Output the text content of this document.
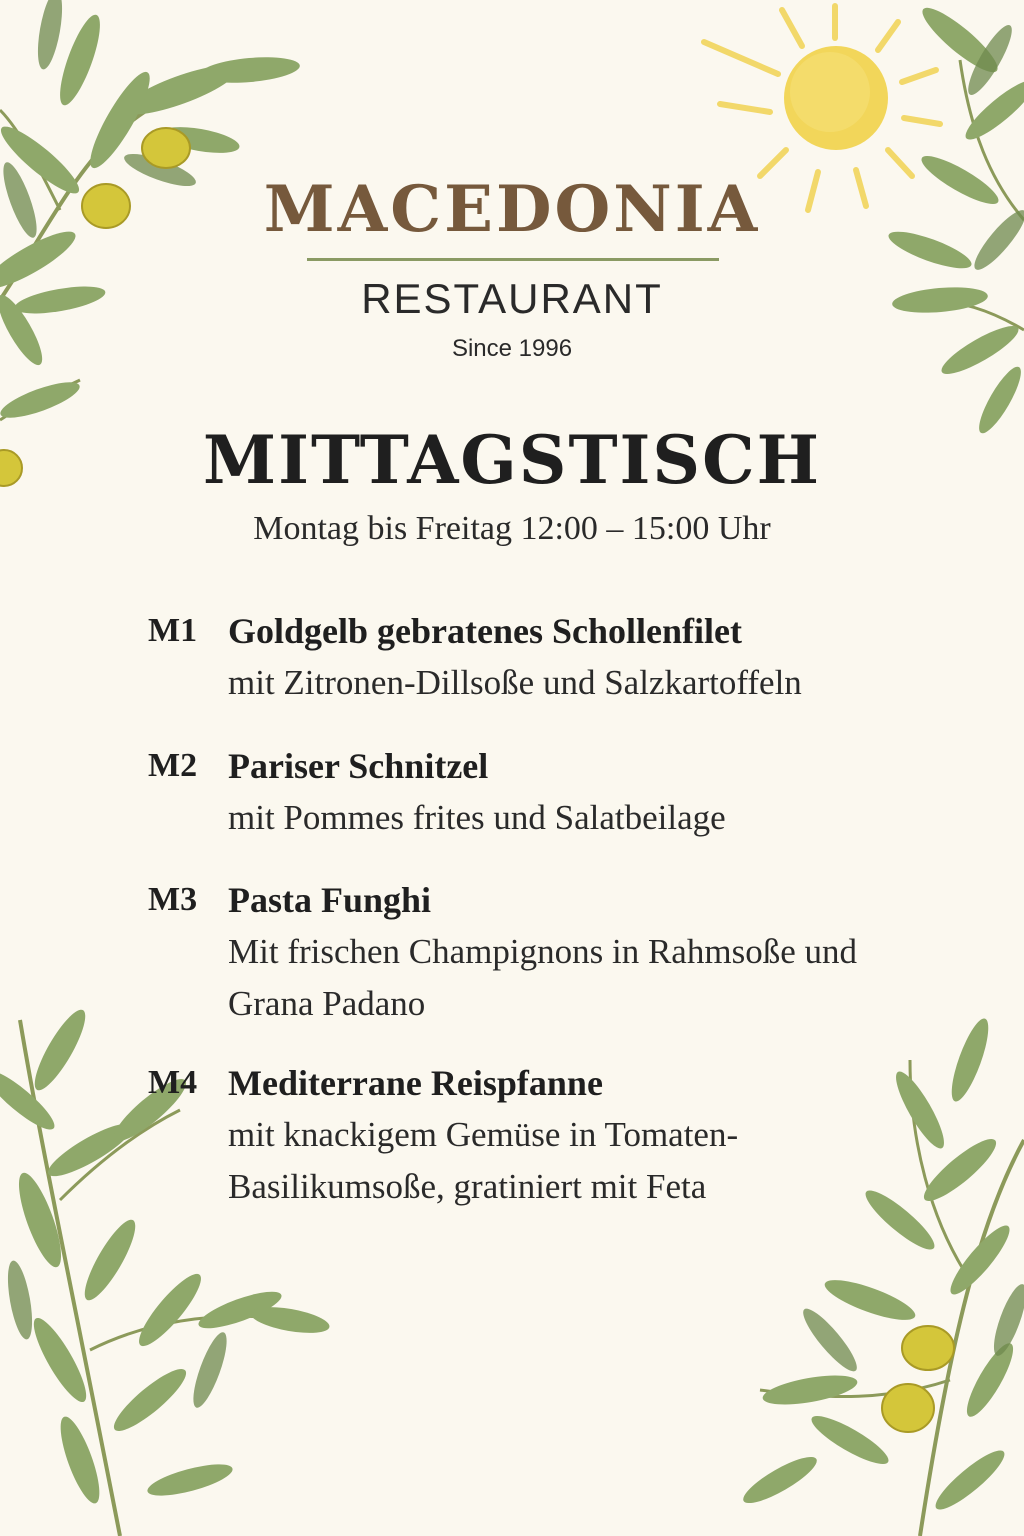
MACEDONIA
RESTAURANT
Since 1996
MITTAGSTISCH
Montag bis Freitag 12:00 – 15:00 Uhr
M1 Goldgelb gebratenes Schollenfilet
mit Zitronen-Dillsoße und Salzkartoffeln
M2 Pariser Schnitzel
mit Pommes frites und Salatbeilage
M3 Pasta Funghi
Mit frischen Champignons in Rahmsoße und Grana Padano
M4 Mediterrane Reispfanne
mit knackigem Gemüse in Tomaten-Basilikumsoße, gratiniert mit Feta
